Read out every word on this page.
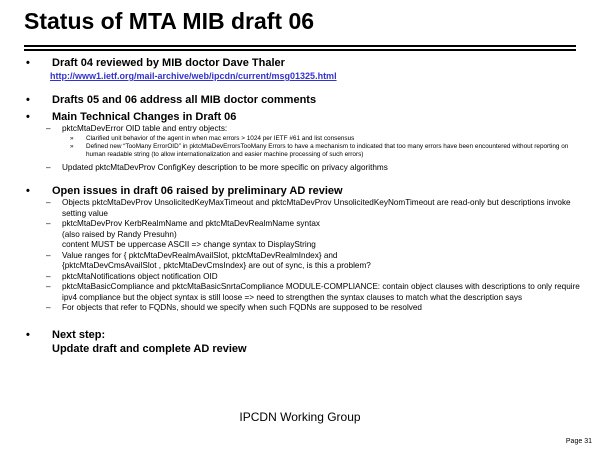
Status of MTA MIB draft 06
•	Draft 04 reviewed by MIB doctor Dave Thaler
http://www1.ietf.org/mail-archive/web/ipcdn/current/msg01325.html
•	Drafts 05 and 06 address all MIB doctor comments
•	Main Technical Changes in Draft 06
–	pktcMtaDevError OID table and entry objects:
»	Clarified unit behavior of the agent in when mac errors > 1024 per IETF #61 and list consensus
»	Defined new “TooMany ErrorOID” in pktcMtaDevErrorsTooMany Errors to have a mechanism to indicated that too many errors have been encountered without reporting on human readable string (to allow internationalization and easier machine processing of such errors)
–	Updated pktcMtaDevProv ConfigKey description to be more specific on privacy algorithms
•	Open issues in draft 06 raised by preliminary AD review
–	Objects pktcMtaDevProv UnsolicitedKeyMaxTimeout and pktcMtaDevProv UnsolicitedKeyNomTimeout are read-only but descriptions invoke setting value
–	pktcMtaDevProv KerbRealmName and pktcMtaDevRealmName syntax
(also raised by Randy Presuhn)
content MUST be uppercase ASCII => change syntax to DisplayString
–	Value ranges for { pktcMtaDevRealmAvailSlot, pktcMtaDevRealmIndex} and
{pktcMtaDevCmsAvailSlot , pktcMtaDevCmsIndex} are out of sync, is this a problem?
–	pktcMtaNotifications object notification OID
–	pktcMtaBasicCompliance and pktcMtaBasicSnrtaCompliance MODULE-COMPLIANCE: contain object clauses with descriptions to only require ipv4 compliance but the object syntax is still loose => need to strengthen the syntax clauses to match what the description says
–	For objects that refer to FQDNs, should we specify when such FQDNs are supposed to be resolved
•	Next step:
Update draft and complete AD review
IPCDN Working Group
Page 31
